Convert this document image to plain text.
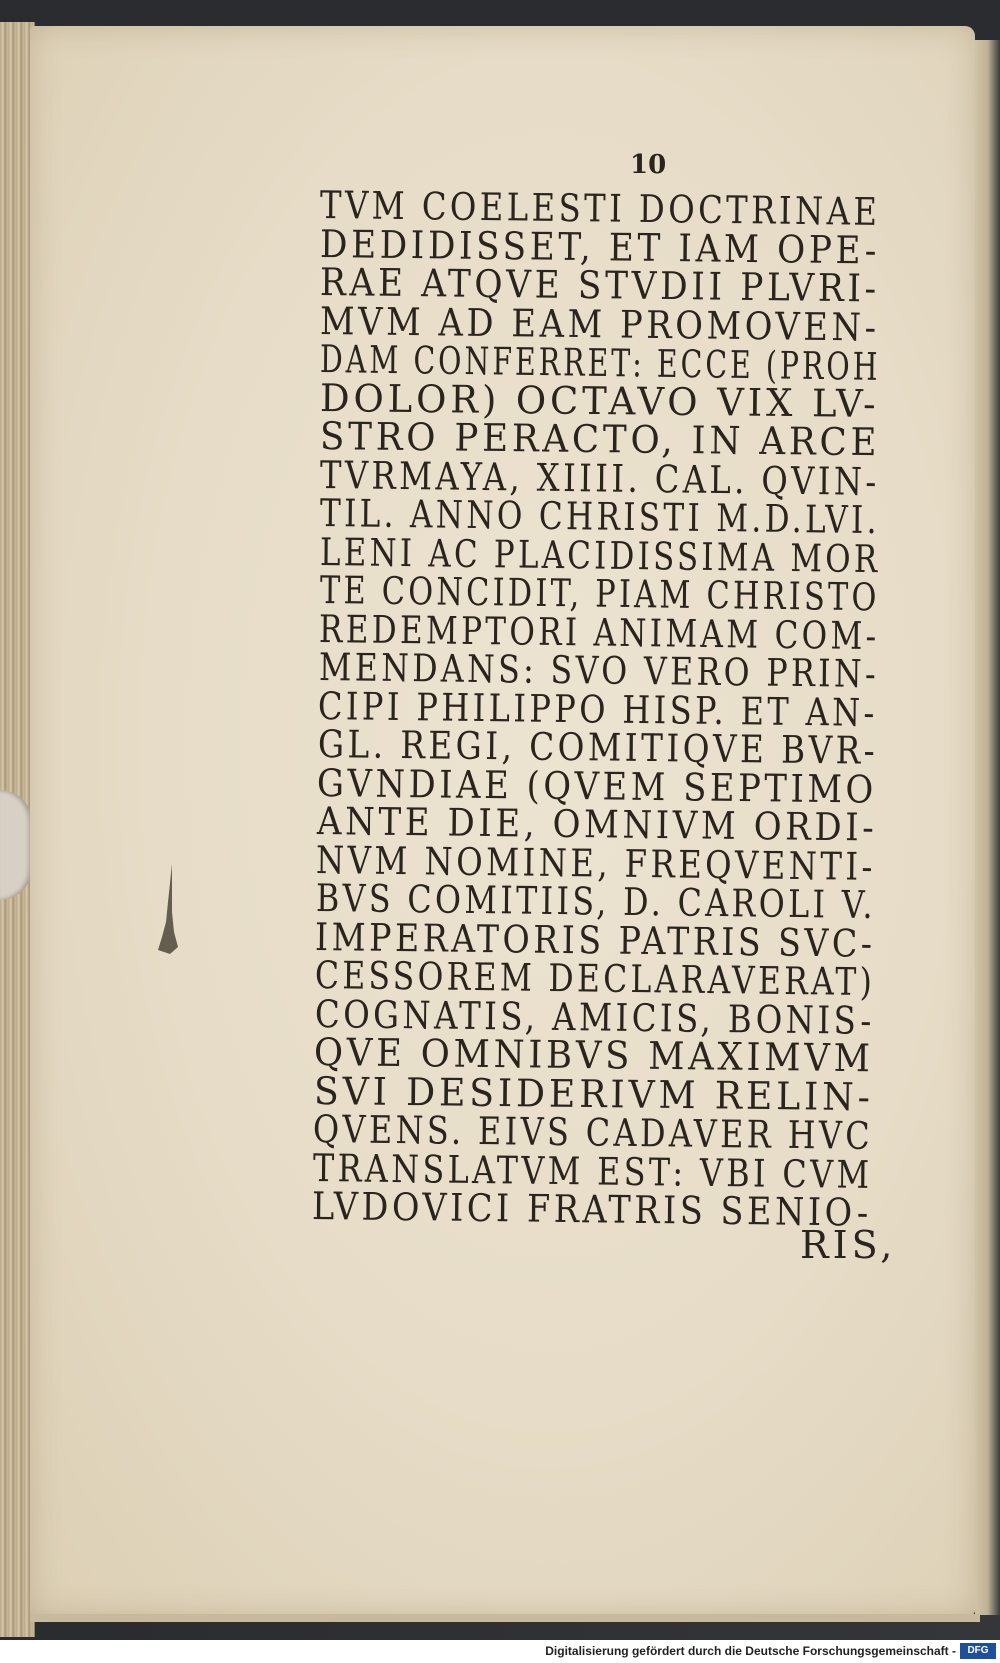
10
TVM COELESTI DOCTRINAE
DEDIDISSET, ET IAM OPE-
RAE ATQVE STVDII PLVRI-
MVM AD EAM PROMOVEN-
DAM CONFERRET: ECCE (PROH
DOLOR) OCTAVO VIX LV-
STRO PERACTO, IN ARCE
TVRMAYA, XIIII. CAL. QVIN-
TIL. ANNO CHRISTI M.D.LVI.
LENI AC PLACIDISSIMA MOR
TE CONCIDIT, PIAM CHRISTO
REDEMPTORI ANIMAM COM-
MENDANS: SVO VERO PRIN-
CIPI PHILIPPO HISP. ET AN-
GL. REGI, COMITIQVE BVR-
GVNDIAE (QVEM SEPTIMO
ANTE DIE, OMNIVM ORDI-
NVM NOMINE, FREQVENTI-
BVS COMITIIS, D. CAROLI V.
IMPERATORIS PATRIS SVC-
CESSOREM DECLARAVERAT)
COGNATIS, AMICIS, BONIS-
QVE OMNIBVS MAXIMVM
SVI DESIDERIVM RELIN-
QVENS. EIVS CADAVER HVC
TRANSLATVM EST: VBI CVM
LVDOVICI FRATRIS SENIO-
RIS,
Digitalisierung gefördert durch die Deutsche Forschungsgemeinschaft -	DFG
